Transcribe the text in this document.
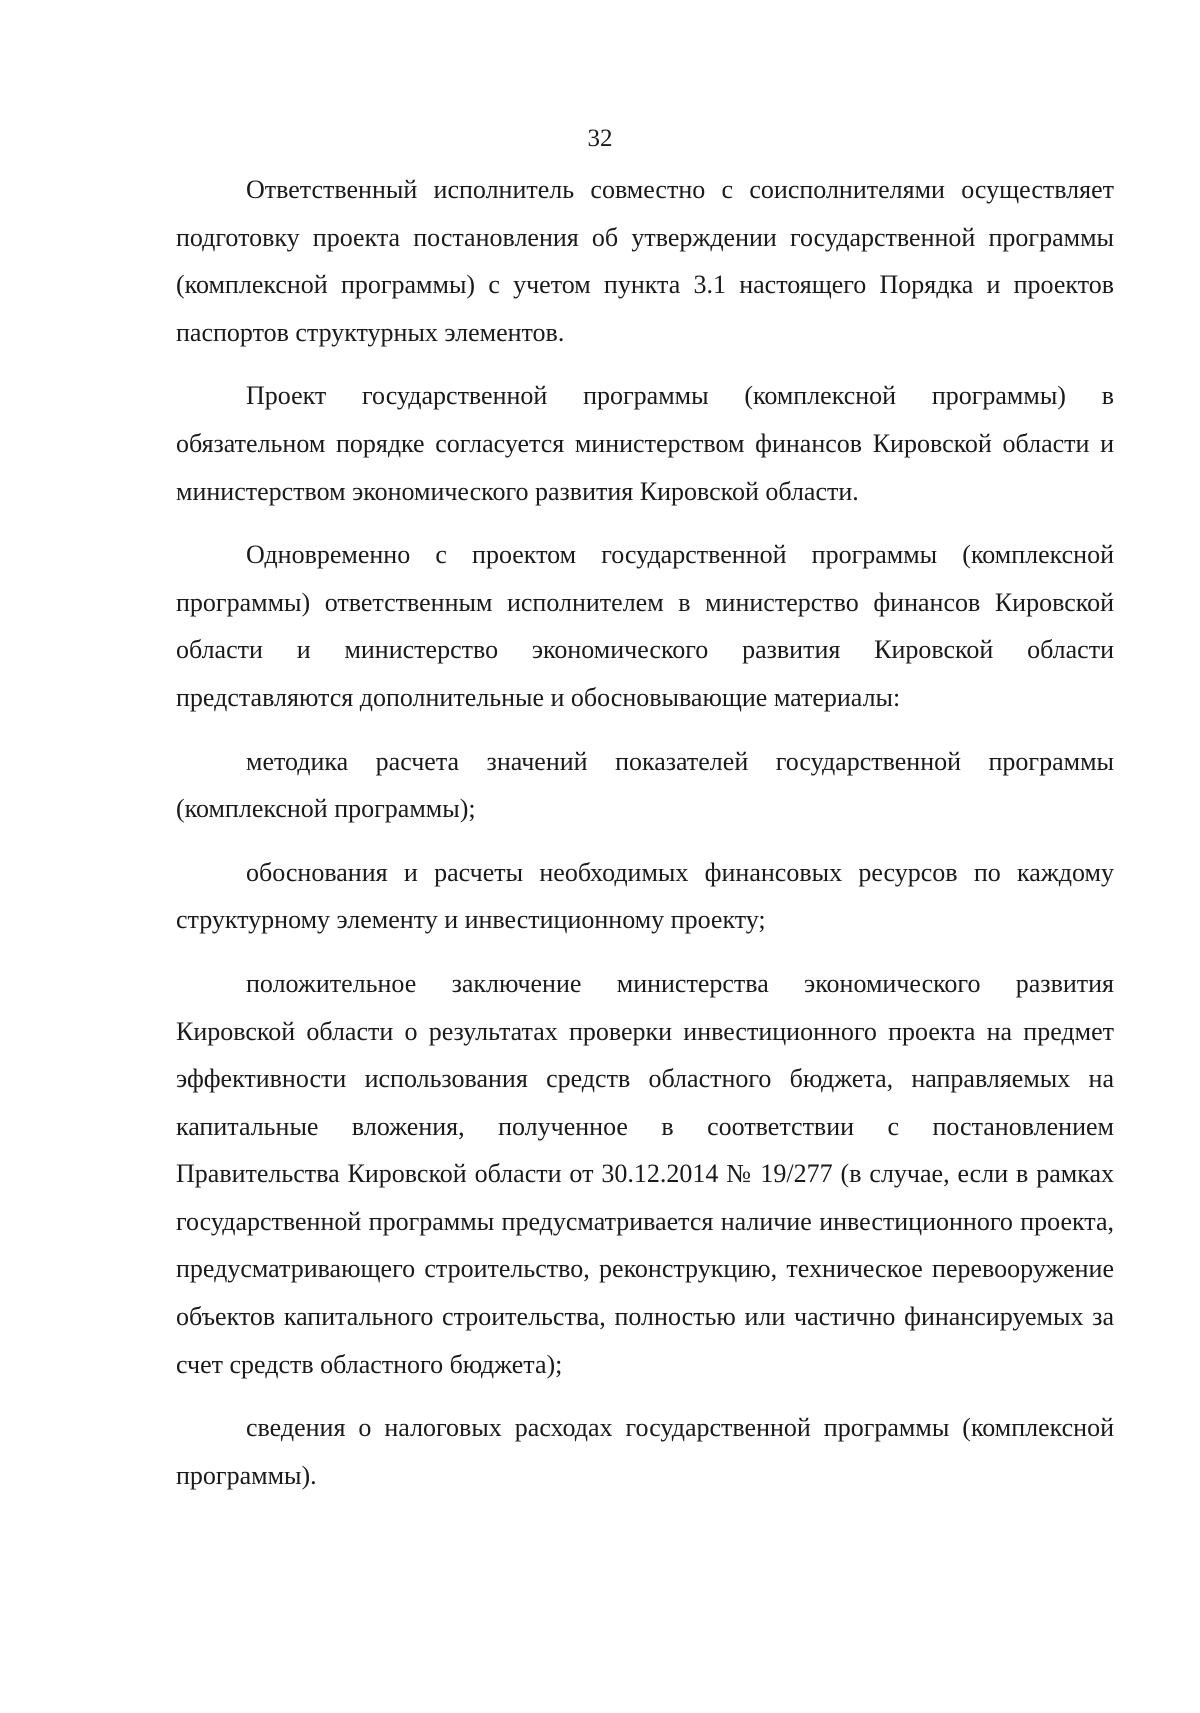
32

Ответственный исполнитель совместно с соисполнителями осуществляет подготовку проекта постановления об утверждении государственной программы (комплексной программы) с учетом пункта 3.1 настоящего Порядка и проектов паспортов структурных элементов.

Проект государственной программы (комплексной программы) в обязательном порядке согласуется министерством финансов Кировской области и министерством экономического развития Кировской области.

Одновременно с проектом государственной программы (комплексной программы) ответственным исполнителем в министерство финансов Кировской области и министерство экономического развития Кировской области представляются дополнительные и обосновывающие материалы:

методика расчета значений показателей государственной программы (комплексной программы);

обоснования и расчеты необходимых финансовых ресурсов по каждому структурному элементу и инвестиционному проекту;

положительное заключение министерства экономического развития Кировской области о результатах проверки инвестиционного проекта на предмет эффективности использования средств областного бюджета, направляемых на капитальные вложения, полученное в соответствии с постановлением Правительства Кировской области от 30.12.2014 № 19/277 (в случае, если в рамках государственной программы предусматривается наличие инвестиционного проекта, предусматривающего строительство, реконструкцию, техническое перевооружение объектов капитального строительства, полностью или частично финансируемых за счет средств областного бюджета);

сведения о налоговых расходах государственной программы (комплексной программы).
